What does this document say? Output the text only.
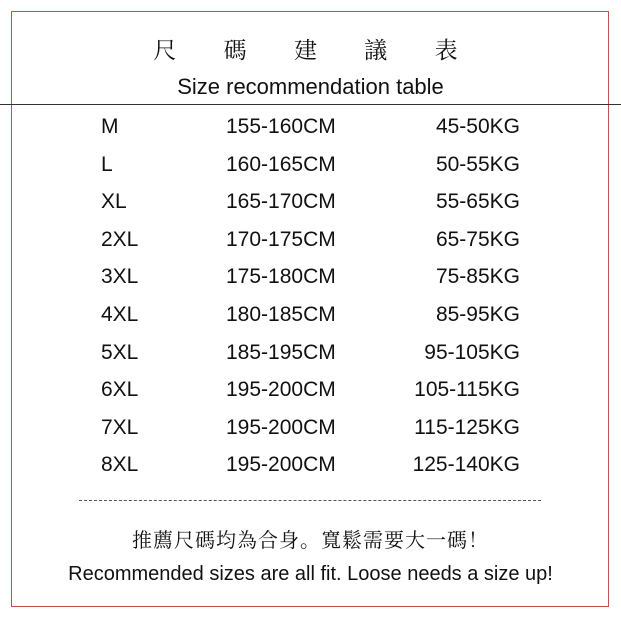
尺 碼 建 議 表
Size recommendation table
M	155-160CM	45-50KG
L	160-165CM	50-55KG
XL	165-170CM	55-65KG
2XL	170-175CM	65-75KG
3XL	175-180CM	75-85KG
4XL	180-185CM	85-95KG
5XL	185-195CM	95-105KG
6XL	195-200CM	105-115KG
7XL	195-200CM	115-125KG
8XL	195-200CM	125-140KG
推薦尺碼均為合身。寬鬆需要大一碼！
Recommended sizes are all fit. Loose needs a size up!
